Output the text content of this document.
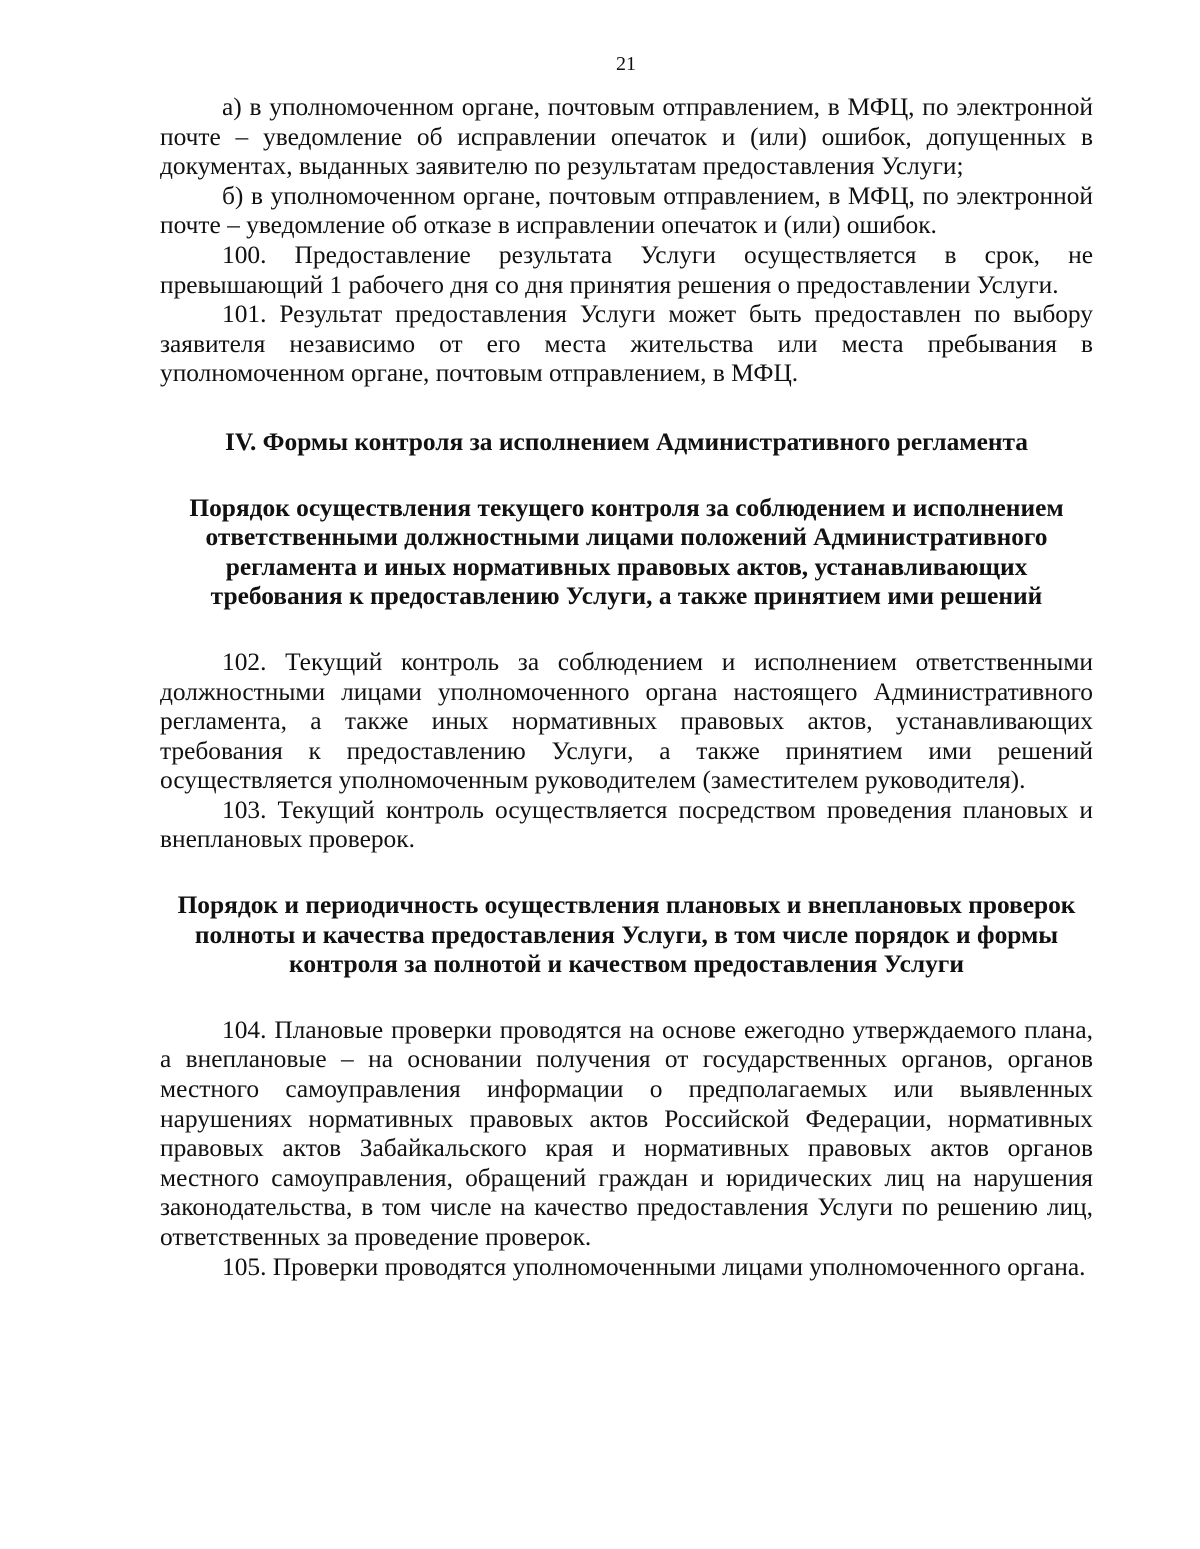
21

а) в уполномоченном органе, почтовым отправлением, в МФЦ, по электронной почте – уведомление об исправлении опечаток и (или) ошибок, допущенных в документах, выданных заявителю по результатам предоставления Услуги;

б) в уполномоченном органе, почтовым отправлением, в МФЦ, по электронной почте – уведомление об отказе в исправлении опечаток и (или) ошибок.

100. Предоставление результата Услуги осуществляется в срок, не превышающий 1 рабочего дня со дня принятия решения о предоставлении Услуги.

101. Результат предоставления Услуги может быть предоставлен по выбору заявителя независимо от его места жительства или места пребывания в уполномоченном органе, почтовым отправлением, в МФЦ.

IV. Формы контроля за исполнением Административного регламента
Порядок осуществления текущего контроля за соблюдением и исполнением
ответственными должностными лицами положений Административного
регламента и иных нормативных правовых актов, устанавливающих
требования к предоставлению Услуги, а также принятием ими решений

102. Текущий контроль за соблюдением и исполнением ответственными должностными лицами уполномоченного органа настоящего Административного регламента, а также иных нормативных правовых актов, устанавливающих требования к предоставлению Услуги, а также принятием ими решений осуществляется уполномоченным руководителем (заместителем руководителя).

103. Текущий контроль осуществляется посредством проведения плановых и внеплановых проверок.

Порядок и периодичность осуществления плановых и внеплановых проверок
полноты и качества предоставления Услуги, в том числе порядок и формы
контроля за полнотой и качеством предоставления Услуги

104. Плановые проверки проводятся на основе ежегодно утверждаемого плана, а внеплановые – на основании получения от государственных органов, органов местного самоуправления информации о предполагаемых или выявленных нарушениях нормативных правовых актов Российской Федерации, нормативных правовых актов Забайкальского края и нормативных правовых актов органов местного самоуправления, обращений граждан и юридических лиц на нарушения законодательства, в том числе на качество предоставления Услуги по решению лиц, ответственных за проведение проверок.

105. Проверки проводятся уполномоченными лицами уполномоченного органа.
